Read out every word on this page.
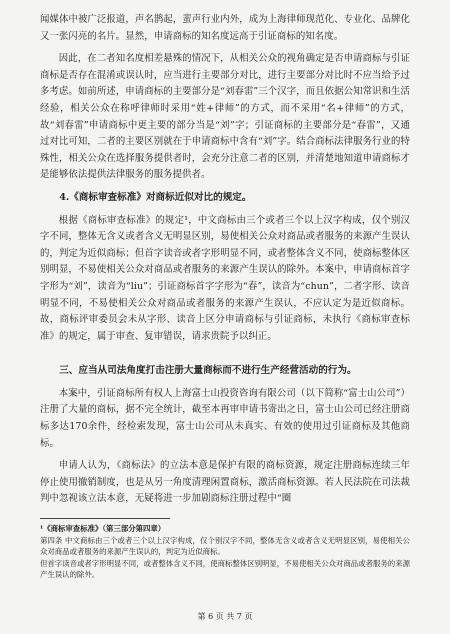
闻媒体中被广泛报道，声名鹊起，蜚声行业内外，成为上海律师现范化、专业化、品牌化又一张闪亮的名片。显然，申请商标的知名度远高于引证商标的知名度。

因此，在二者知名度相差悬殊的情况下，从相关公众的视角确定是否申请商标与引证商标是否存在混淆或误认时，应当进行主要部分对比，进行主要部分对比时不应当给予过多考虑。如前所述，申请商标的主要部分是“刘春雷”三个汉字，而且依据公知常识和生活经验，相关公众在称呼律师时采用“姓+律师”的方式，而不采用“名+律师”的方式，故“刘春雷”申请商标中更主要的部分当是“刘”字；引证商标的主要部分是“春雷”，又通过对比可知，二者的主要区别就在于申请商标中含有“刘”字。结合商标法律服务行业的特殊性，相关公众在选择服务提供者时，会充分注意二者的区别，并清楚地知道申请商标才是能够依法提供法律服务的服务提供者。

4.《商标审查标准》对商标近似对比的规定。

根据《商标审查标准》的规定¹，中文商标由三个或者三个以上汉字构成，仅个别汉字不同，整体无含义或者含义无明显区别，易使相关公众对商品或者服务的来源产生误认的，判定为近似商标；但首字读音或者字形明显不同，或者整体含义不同，使商标整体区别明显，不易使相关公众对商品或者服务的来源产生误认的除外。本案中，申请商标首字字形为“刘”，读音为“liu”；引证商标首字字形为“春”，读音为“chun”，二者字形、读音明显不同，不易使相关公众对商品或者服务的来源产生误认，不应认定为是近似商标。故，商标评审委员会未从字形、读音上区分申请商标与引证商标，未执行《商标审查标准》的规定，属于审查、复审错误，请求贵院予以纠正。

三、应当从司法角度打击注册大量商标而不进行生产经营活动的行为。

本案中，引证商标所有权人上海富士山投资咨询有限公司（以下简称“富士山公司”）注册了大量的商标，据不完全统计，截至本再审申请书寄出之日，富士山公司已经注册商标多达170余件，经检索发现，富士山公司从未真实、有效的使用过引证商标及其他商标。

申请人认为，《商标法》的立法本意是保护有限的商标资源，规定注册商标连续三年停止使用撤销制度，也是从另一角度清理闲置商标，激活商标资源。若人民法院在司法裁判中忽视该立法本意，无疑将进一步加剧商标注册过程中“圈

¹《商标审查标准》（第三部分第四章）

第四条 中文商标由三个或者三个以上汉字构成，仅个别汉字不同，整体无含义或者含义无明显区别，易使相关公众对商品或者服务的来源产生误认的，判定为近似商标。

但首字读音或者字形明显不同，或者整体含义不同，使商标整体区别明显，不易使相关公众对商品或者服务的来源产生误认的除外。

第 6 页 共 7 页
